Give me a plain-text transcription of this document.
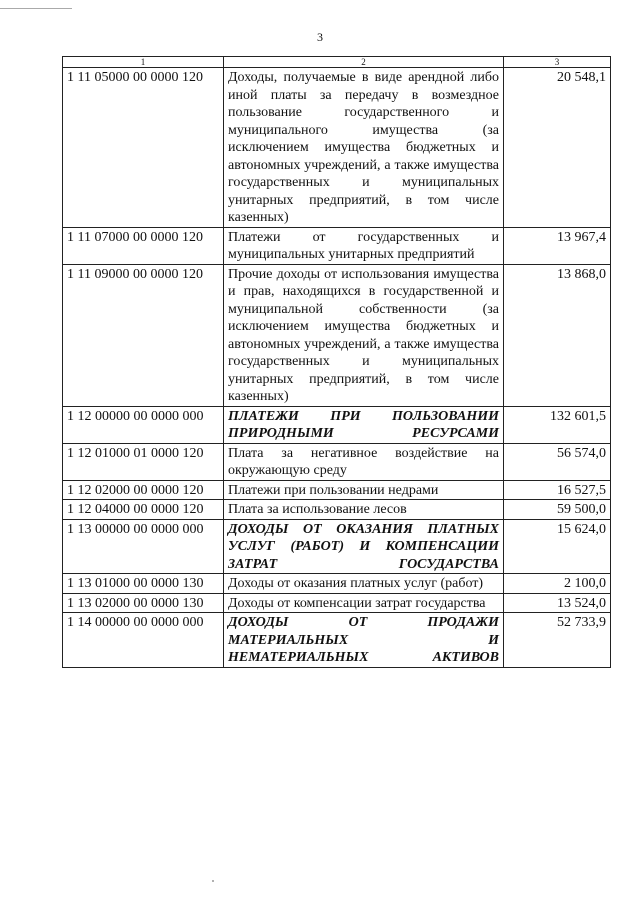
3
1	2	3
1 11 05000 00 0000 120	Доходы, получаемые в виде арендной либо иной платы за передачу в возмездное пользование государственного и муниципального имущества (за исключением имущества бюджетных и автономных учреждений, а также имущества государственных и муниципальных унитарных предприятий, в том числе казенных)	20 548,1
1 11 07000 00 0000 120	Платежи от государственных и муниципальных унитарных предприятий	13 967,4
1 11 09000 00 0000 120	Прочие доходы от использования имущества и прав, находящихся в государственной и муниципальной собственности (за исключением имущества бюджетных и автономных учреждений, а также имущества государственных и муниципальных унитарных предприятий, в том числе казенных)	13 868,0
1 12 00000 00 0000 000	ПЛАТЕЖИ ПРИ ПОЛЬЗОВАНИИ ПРИРОДНЫМИ РЕСУРСАМИ	132 601,5
1 12 01000 01 0000 120	Плата за негативное воздействие на окружающую среду	56 574,0
1 12 02000 00 0000 120	Платежи при пользовании недрами	16 527,5
1 12 04000 00 0000 120	Плата за использование лесов	59 500,0
1 13 00000 00 0000 000	ДОХОДЫ ОТ ОКАЗАНИЯ ПЛАТНЫХ УСЛУГ (РАБОТ) И КОМПЕНСАЦИИ ЗАТРАТ ГОСУДАРСТВА	15 624,0
1 13 01000 00 0000 130	Доходы от оказания платных услуг (работ)	2 100,0
1 13 02000 00 0000 130	Доходы от компенсации затрат государства	13 524,0
1 14 00000 00 0000 000	ДОХОДЫ ОТ ПРОДАЖИ МАТЕРИАЛЬНЫХ И НЕМАТЕРИАЛЬНЫХ АКТИВОВ	52 733,9
